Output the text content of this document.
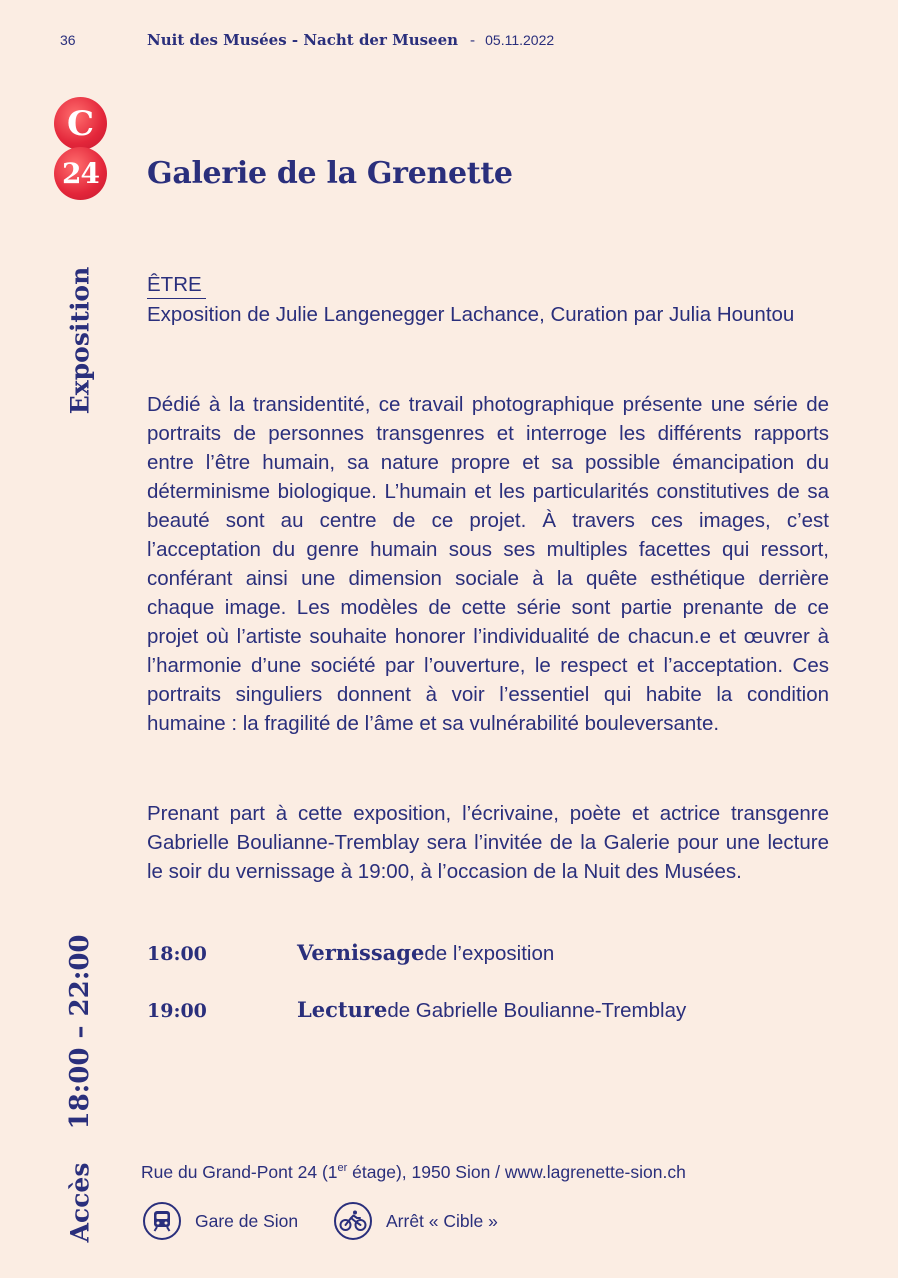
36	Nuit des Musées - Nacht der Museen - 05.11.2022
C
24 Galerie de la Grenette
Exposition
18:00 – 22:00
Accès
ÊTRE
Exposition de Julie Langenegger Lachance, Curation par Julia Hountou
Dédié à la transidentité, ce travail photographique présente une série de portraits de personnes transgenres et interroge les différents rapports entre l’être humain, sa nature propre et sa possible émancipation du déterminisme biologique. L’humain et les particularités constitutives de sa beauté sont au centre de ce projet. À travers ces images, c’est l’acceptation du genre humain sous ses multiples facettes qui ressort, conférant ainsi une dimension sociale à la quête esthétique derrière chaque image. Les modèles de cette série sont partie prenante de ce projet où l’artiste souhaite honorer l’individualité de chacun.e et œuvrer à l’harmonie d’une société par l’ouverture, le respect et l’acceptation. Ces portraits singuliers donnent à voir l’essentiel qui habite la condition humaine : la fragilité de l’âme et sa vulnérabilité bouleversante.
Prenant part à cette exposition, l’écrivaine, poète et actrice transgenre Gabrielle Boulianne-Tremblay sera l’invitée de la Galerie pour une lecture le soir du vernissage à 19:00, à l’occasion de la Nuit des Musées.
18:00	Vernissage de l’exposition
19:00	Lecture de Gabrielle Boulianne-Tremblay
Rue du Grand-Pont 24 (1er étage), 1950 Sion / www.lagrenette-sion.ch
Gare de Sion	Arrêt « Cible »
